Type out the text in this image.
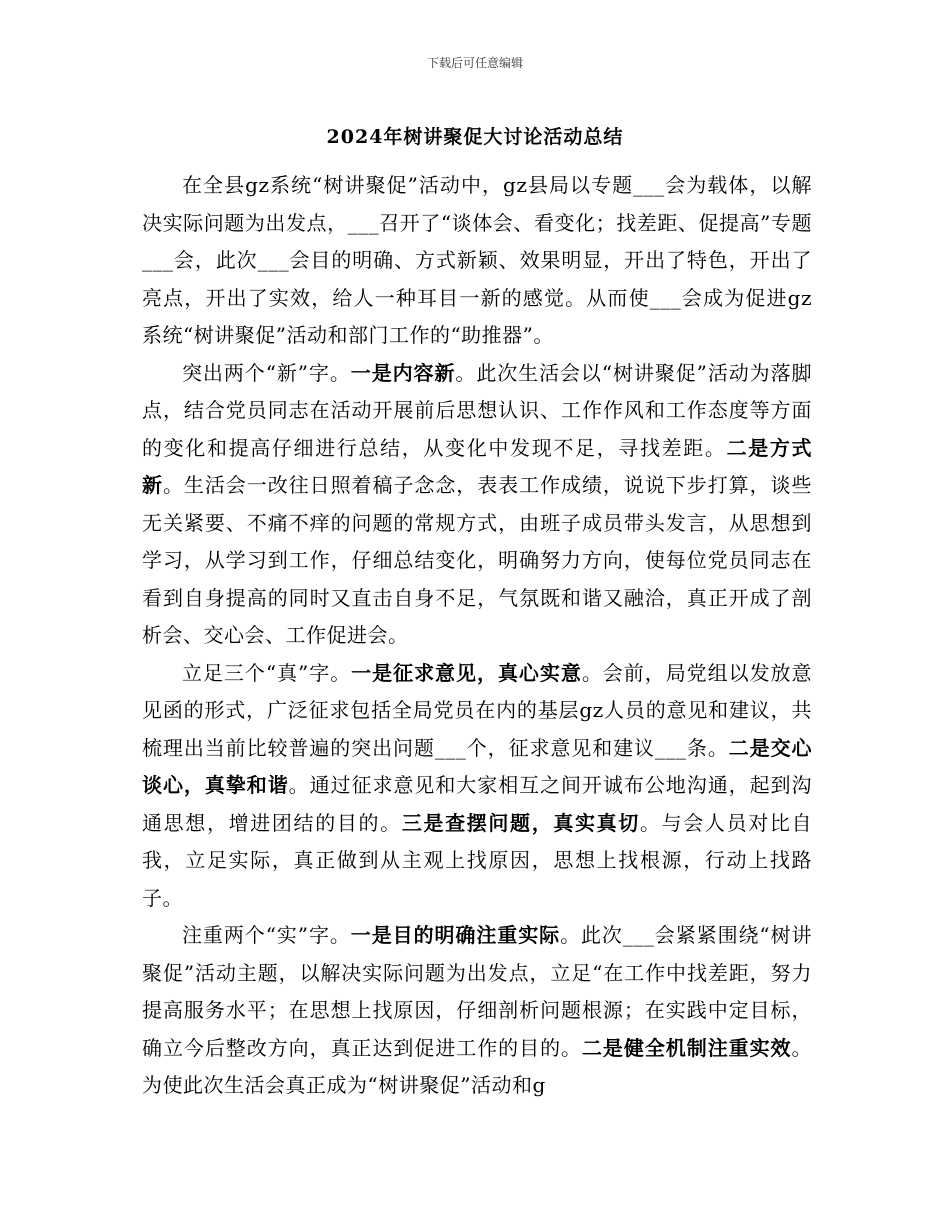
下载后可任意编辑
2024年树讲聚促大讨论活动总结

在全县gz系统“树讲聚促”活动中，gz县局以专题___会为载体，以解决实际问题为出发点，___召开了“谈体会、看变化；找差距、促提高”专题___会，此次___会目的明确、方式新颖、效果明显，开出了特色，开出了亮点，开出了实效，给人一种耳目一新的感觉。从而使___会成为促进gz系统“树讲聚促”活动和部门工作的“助推器”。

突出两个“新”字。一是内容新。此次生活会以“树讲聚促”活动为落脚点，结合党员同志在活动开展前后思想认识、工作作风和工作态度等方面的变化和提高仔细进行总结，从变化中发现不足，寻找差距。二是方式新。生活会一改往日照着稿子念念，表表工作成绩，说说下步打算，谈些无关紧要、不痛不痒的问题的常规方式，由班子成员带头发言，从思想到学习，从学习到工作，仔细总结变化，明确努力方向，使每位党员同志在看到自身提高的同时又直击自身不足，气氛既和谐又融洽，真正开成了剖析会、交心会、工作促进会。

立足三个“真”字。一是征求意见，真心实意。会前，局党组以发放意见函的形式，广泛征求包括全局党员在内的基层gz人员的意见和建议，共梳理出当前比较普遍的突出问题___个，征求意见和建议___条。二是交心谈心，真挚和谐。通过征求意见和大家相互之间开诚布公地沟通，起到沟通思想，增进团结的目的。三是查摆问题，真实真切。与会人员对比自我，立足实际，真正做到从主观上找原因，思想上找根源，行动上找路子。

注重两个“实”字。一是目的明确注重实际。此次___会紧紧围绕“树讲聚促”活动主题，以解决实际问题为出发点，立足“在工作中找差距，努力提高服务水平；在思想上找原因，仔细剖析问题根源；在实践中定目标，确立今后整改方向，真正达到促进工作的目的。二是健全机制注重实效。为使此次生活会真正成为“树讲聚促”活动和g
